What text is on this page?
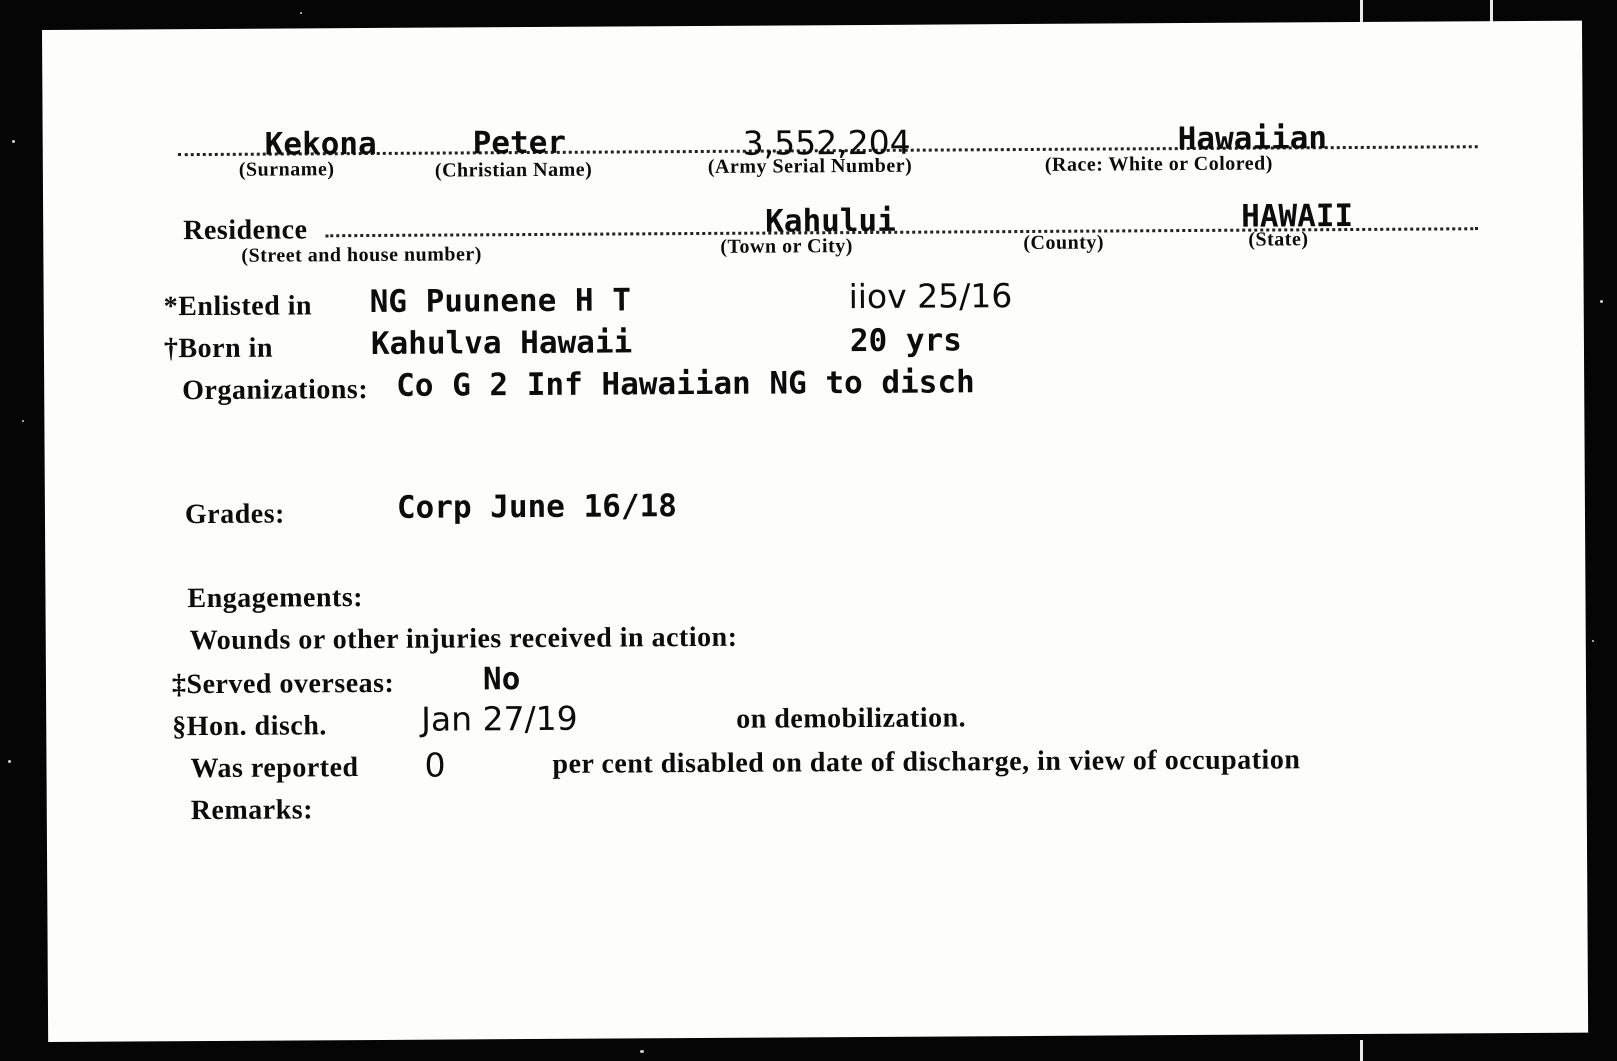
Kekona
(Surname)
Peter
(Christian Name)
3,552,204
(Army Serial Number)
Hawaiian
(Race: White or Colored)
Residence
(Street and house number)
Kahului
(Town or City)	(County)
HAWAII
(State)
*Enlisted in NG Puunene H T	iiov 25/16
†Born in	Kahulva Hawaii	20 yrs
Organizations: Co G 2 Inf Hawaiian NG to disch
Grades:	Corp June 16/18
Engagements:
Wounds or other injuries received in action:
‡Served overseas:	No
§Hon. disch.	Jan 27/19	on demobilization.
Was reported 0	per cent disabled on date of discharge, in view of occupation
Remarks:
